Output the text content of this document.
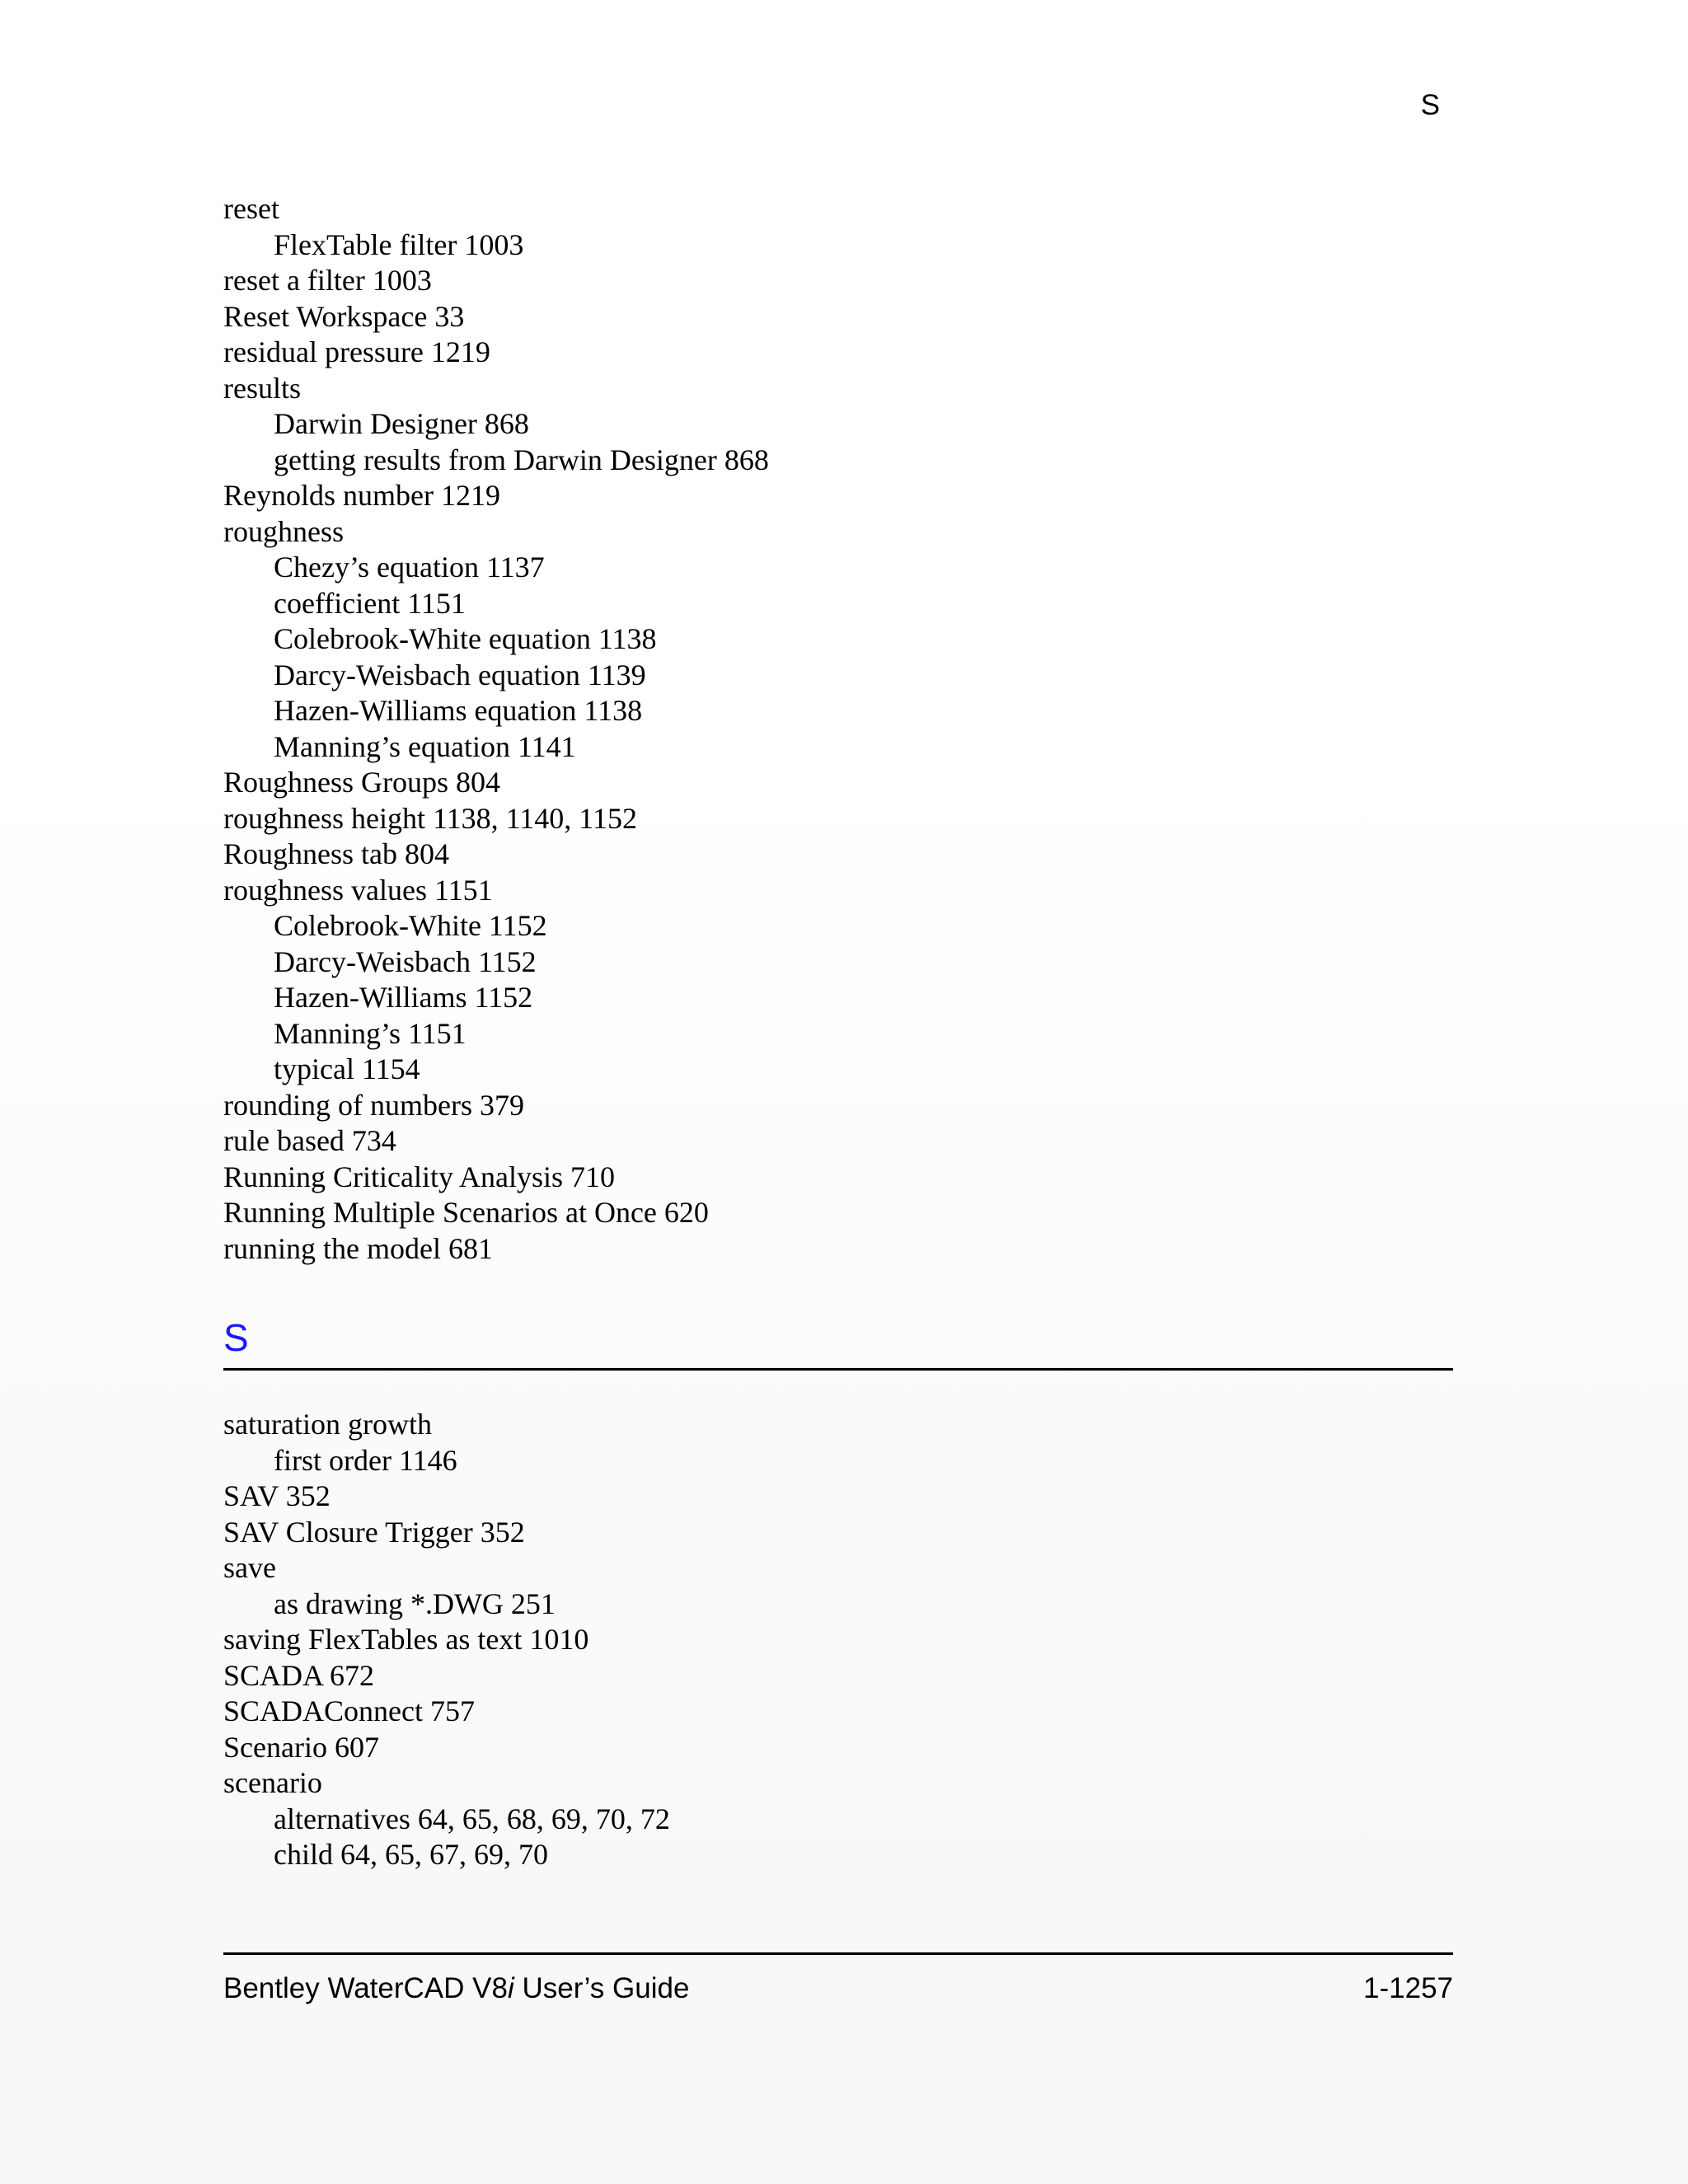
S
reset
FlexTable filter 1003
reset a filter 1003
Reset Workspace 33
residual pressure 1219
results
Darwin Designer 868
getting results from Darwin Designer 868
Reynolds number 1219
roughness
Chezy’s equation 1137
coefficient 1151
Colebrook-White equation 1138
Darcy-Weisbach equation 1139
Hazen-Williams equation 1138
Manning’s equation 1141
Roughness Groups 804
roughness height 1138, 1140, 1152
Roughness tab 804
roughness values 1151
Colebrook-White 1152
Darcy-Weisbach 1152
Hazen-Williams 1152
Manning’s 1151
typical 1154
rounding of numbers 379
rule based 734
Running Criticality Analysis 710
Running Multiple Scenarios at Once 620
running the model 681
S
saturation growth
first order 1146
SAV 352
SAV Closure Trigger 352
save
as drawing *.DWG 251
saving FlexTables as text 1010
SCADA 672
SCADAConnect 757
Scenario 607
scenario
alternatives 64, 65, 68, 69, 70, 72
child 64, 65, 67, 69, 70
Bentley WaterCAD V8i User’s Guide	1-1257
